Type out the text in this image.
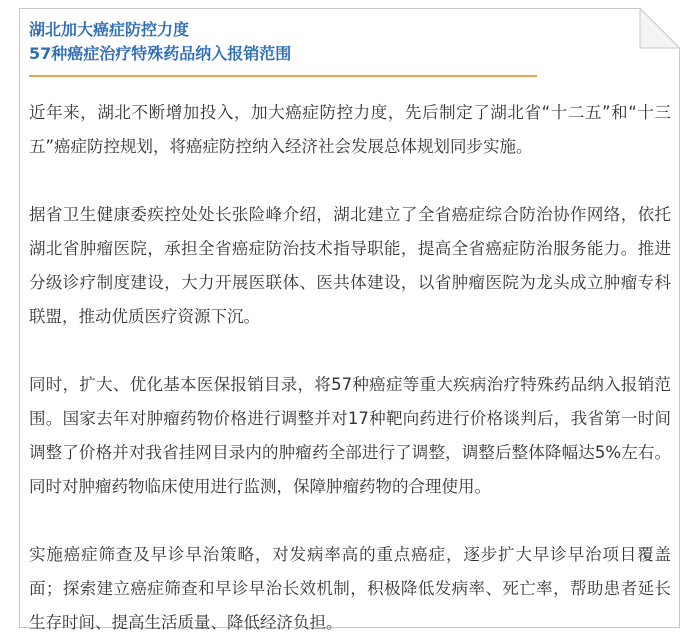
湖北加大癌症防控力度
57种癌症治疗特殊药品纳入报销范围

近年来，湖北不断增加投入，加大癌症防控力度，先后制定了湖北省“十二五”和“十三五”癌症防控规划，将癌症防控纳入经济社会发展总体规划同步实施。

据省卫生健康委疾控处处长张险峰介绍，湖北建立了全省癌症综合防治协作网络，依托湖北省肿瘤医院，承担全省癌症防治技术指导职能，提高全省癌症防治服务能力。推进分级诊疗制度建设，大力开展医联体、医共体建设，以省肿瘤医院为龙头成立肿瘤专科联盟，推动优质医疗资源下沉。

同时，扩大、优化基本医保报销目录，将57种癌症等重大疾病治疗特殊药品纳入报销范围。国家去年对肿瘤药物价格进行调整并对17种靶向药进行价格谈判后，我省第一时间调整了价格并对我省挂网目录内的肿瘤药全部进行了调整，调整后整体降幅达5%左右。同时对肿瘤药物临床使用进行监测，保障肿瘤药物的合理使用。

实施癌症筛查及早诊早治策略，对发病率高的重点癌症，逐步扩大早诊早治项目覆盖面；探索建立癌症筛查和早诊早治长效机制，积极降低发病率、死亡率，帮助患者延长生存时间、提高生活质量、降低经济负担。
